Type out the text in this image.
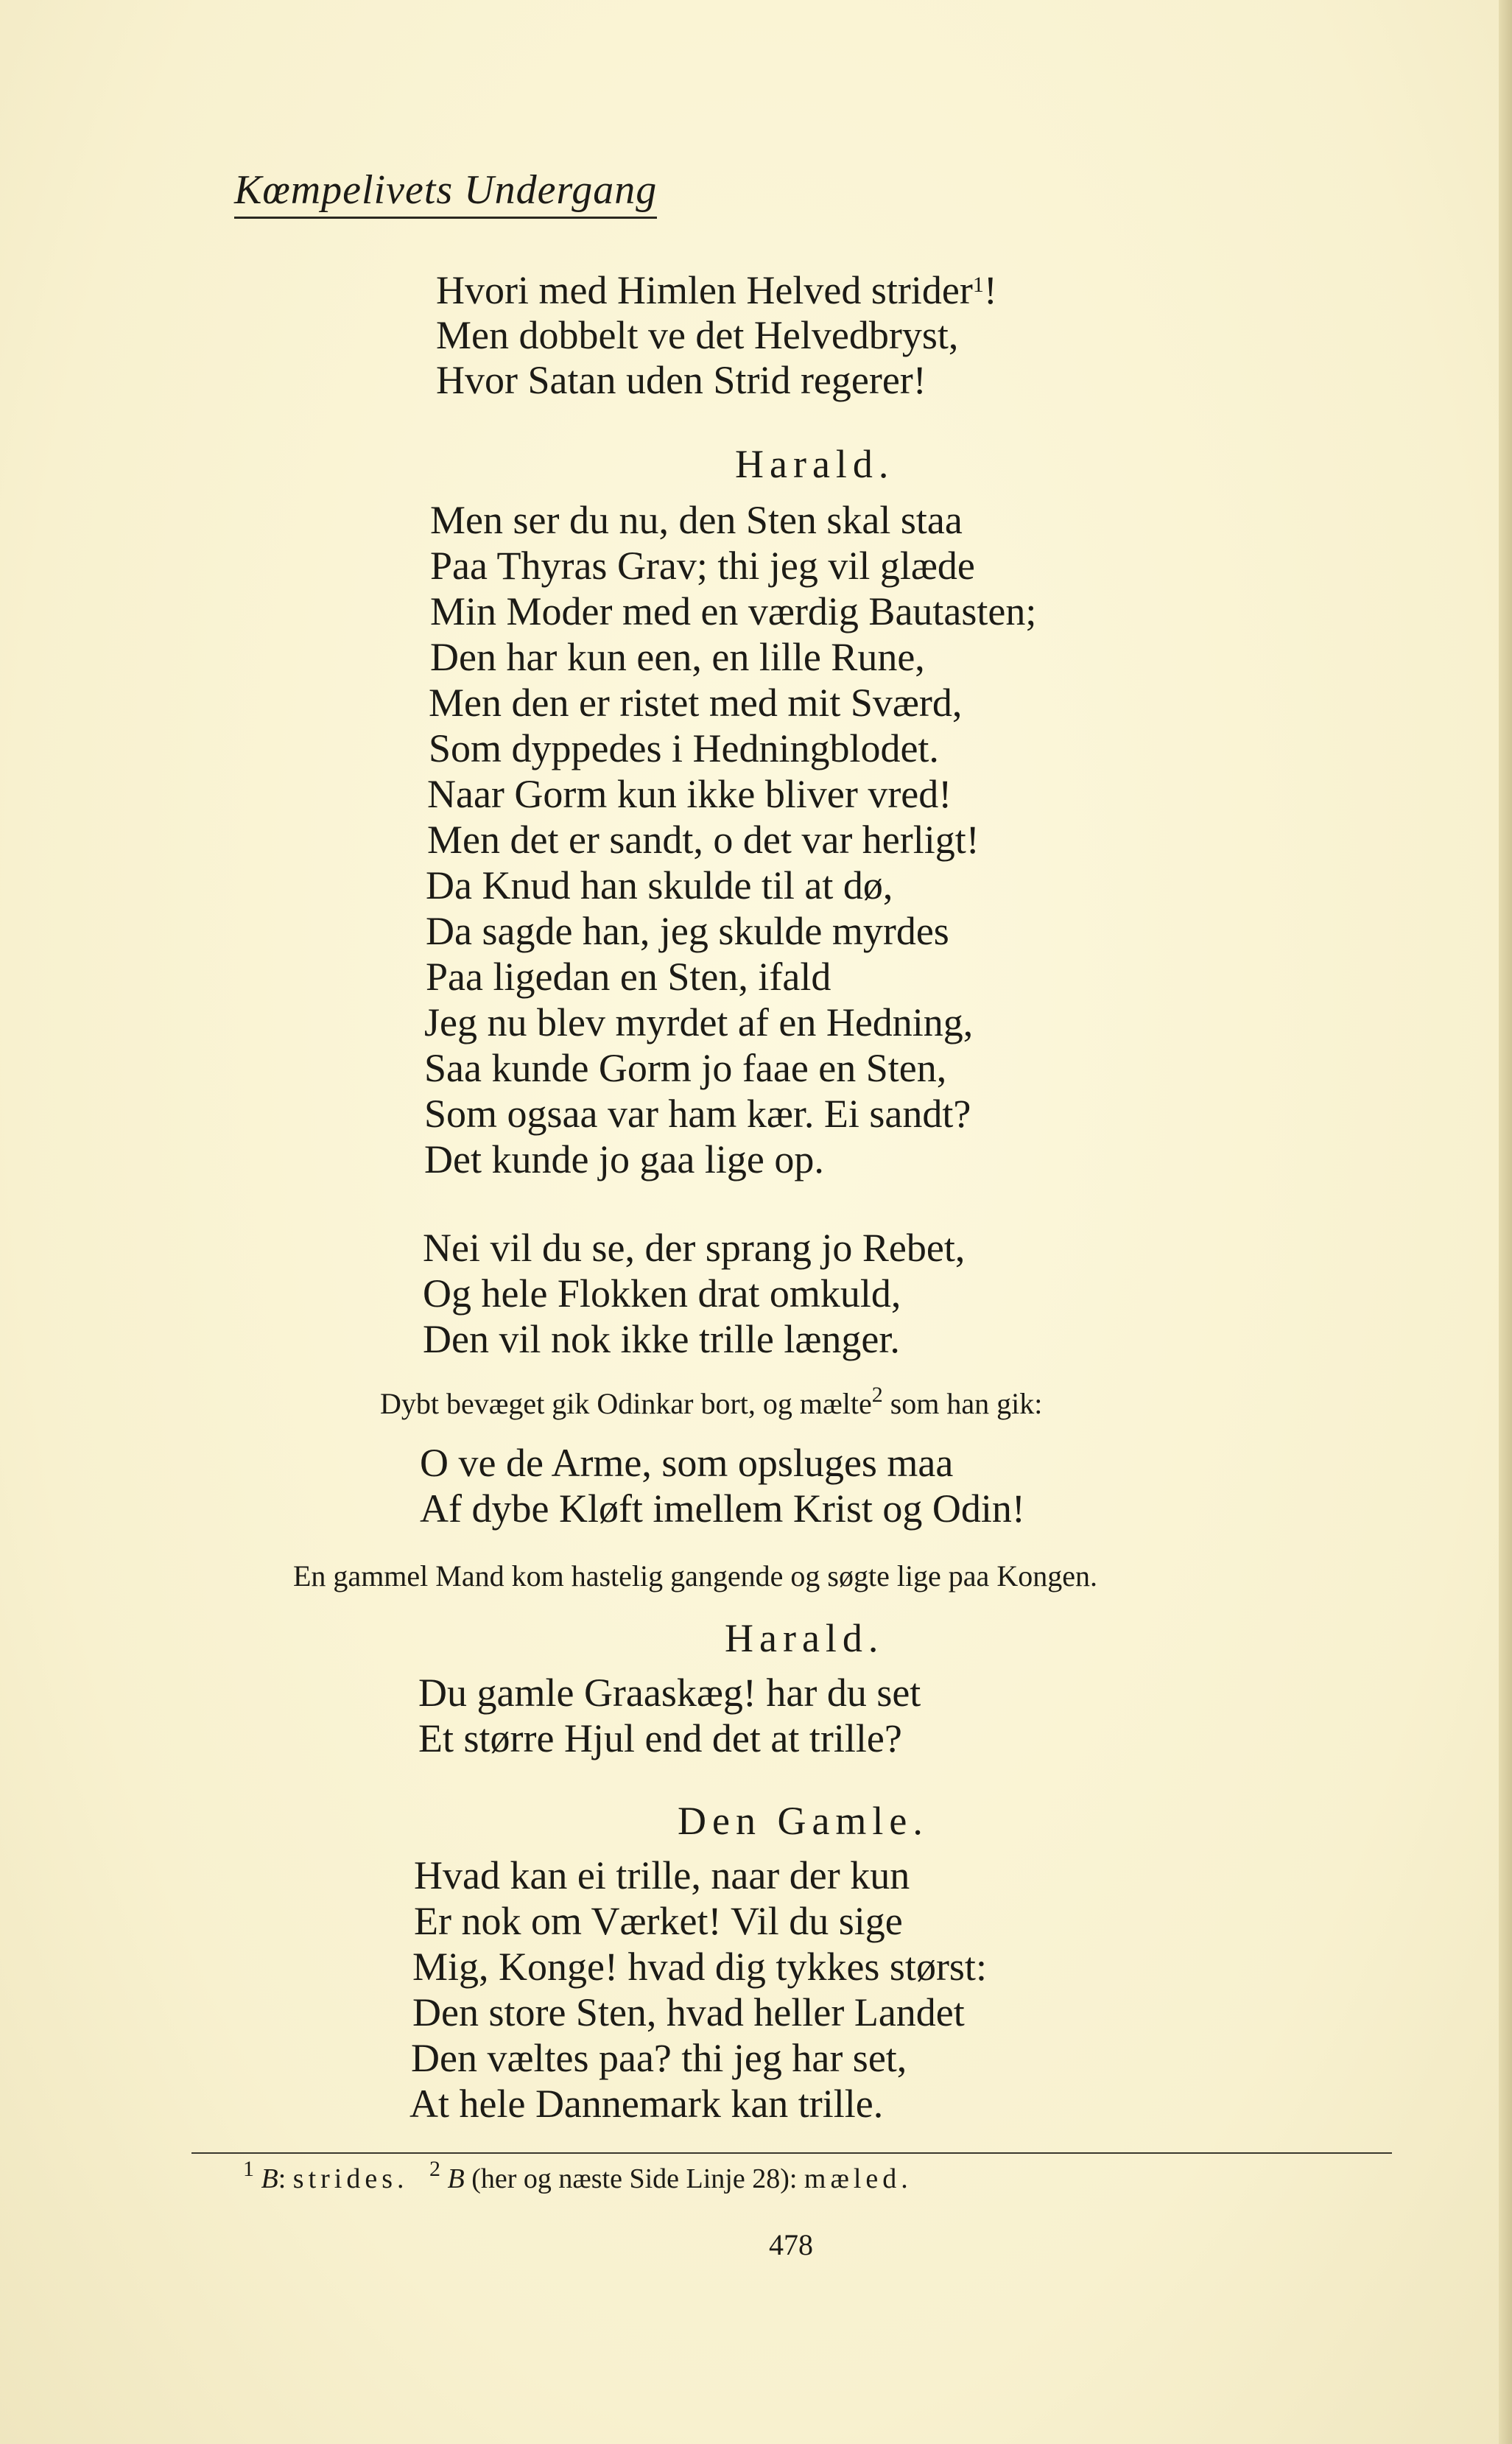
Kœmpelivets Undergang
Hvori med Himlen Helved strider$^1$!
Men dobbelt ve det Helvedbryst,
Hvor Satan uden Strid regerer!
Harald.
Men ser du nu, den Sten skal staa
Paa Thyras Grav; thi jeg vil glæde
Min Moder med en værdig Bautasten;
Den har kun een, en lille Rune,
Men den er ristet med mit Sværd,
Som dyppedes i Hedningblodet.
Naar Gorm kun ikke bliver vred!
Men det er sandt, o det var herligt!
Da Knud han skulde til at dø,
Da sagde han, jeg skulde myrdes
Paa ligedan en Sten, ifald
Jeg nu blev myrdet af en Hedning,
Saa kunde Gorm jo faae en Sten,
Som ogsaa var ham kær. Ei sandt?
Det kunde jo gaa lige op.
Nei vil du se, der sprang jo Rebet,
Og hele Flokken drat omkuld,
Den vil nok ikke trille længer.
Dybt bevæget gik Odinkar bort, og mælte$^2$ som han gik:
O ve de Arme, som opsluges maa
Af dybe Kløft imellem Krist og Odin!
En gammel Mand kom hastelig gangende og søgte lige paa Kongen.
Harald.
Du gamle Graaskæg! har du set
Et større Hjul end det at trille?
Den Gamle.
Hvad kan ei trille, naar der kun
Er nok om Værket! Vil du sige
Mig, Konge! hvad dig tykkes størst:
Den store Sten, hvad heller Landet
Den væltes paa? thi jeg har set,
At hele Dannemark kan trille.
$^1$ B: strides. $^2$ B (her og næste Side Linje 28): mæled.
478
